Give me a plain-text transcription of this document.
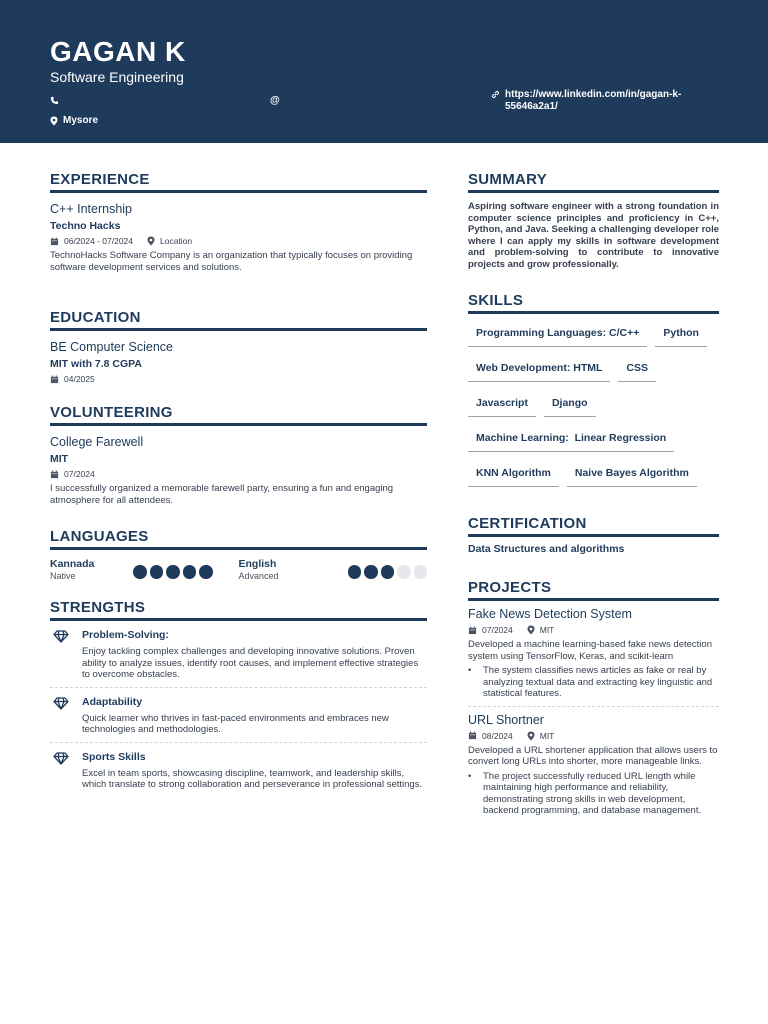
GAGAN K
Software Engineering
@
https://www.linkedin.com/in/gagan-k-55646a2a1/
Mysore
EXPERIENCE
C++ Internship
Techno Hacks
06/2024 - 07/2024	Location
TechnoHacks Software Company is an organization that typically focuses on providing software development services and solutions.
EDUCATION
BE Computer Science
MIT with 7.8 CGPA
04/2025
VOLUNTEERING
College Farewell
MIT
07/2024
I successfully organized a memorable farewell party, ensuring a fun and engaging atmosphere for all attendees.
LANGUAGES
Kannada
Native
English
Advanced
STRENGTHS
Problem-Solving:
Enjoy tackling complex challenges and developing innovative solutions. Proven ability to analyze issues, identify root causes, and implement effective strategies to overcome obstacles.
Adaptability
Quick learner who thrives in fast-paced environments and embraces new technologies and methodologies.
Sports Skills
Excel in team sports, showcasing discipline, teamwork, and leadership skills, which translate to strong collaboration and perseverance in professional settings.
SUMMARY
Aspiring software engineer with a strong foundation in computer science principles and proficiency in C++, Python, and Java. Seeking a challenging developer role where I can apply my skills in software development and problem-solving to contribute to innovative projects and grow professionally.
SKILLS
Programming Languages: C/C++	Python
Web Development: HTML	CSS
Javascript	Django
Machine Learning:  Linear Regression
KNN Algorithm	Naive Bayes Algorithm
CERTIFICATION
Data Structures and algorithms
PROJECTS
Fake News Detection System
07/2024	MIT
Developed a machine learning-based fake news detection system using TensorFlow, Keras, and scikit-learn
• The system classifies news articles as fake or real by analyzing textual data and extracting key linguistic and statistical features.
URL Shortner
08/2024	MIT
Developed a URL shortener application that allows users to convert long URLs into shorter, more manageable links.
• The project successfully reduced URL length while maintaining high performance and reliability, demonstrating strong skills in web development, backend programming, and database management.
